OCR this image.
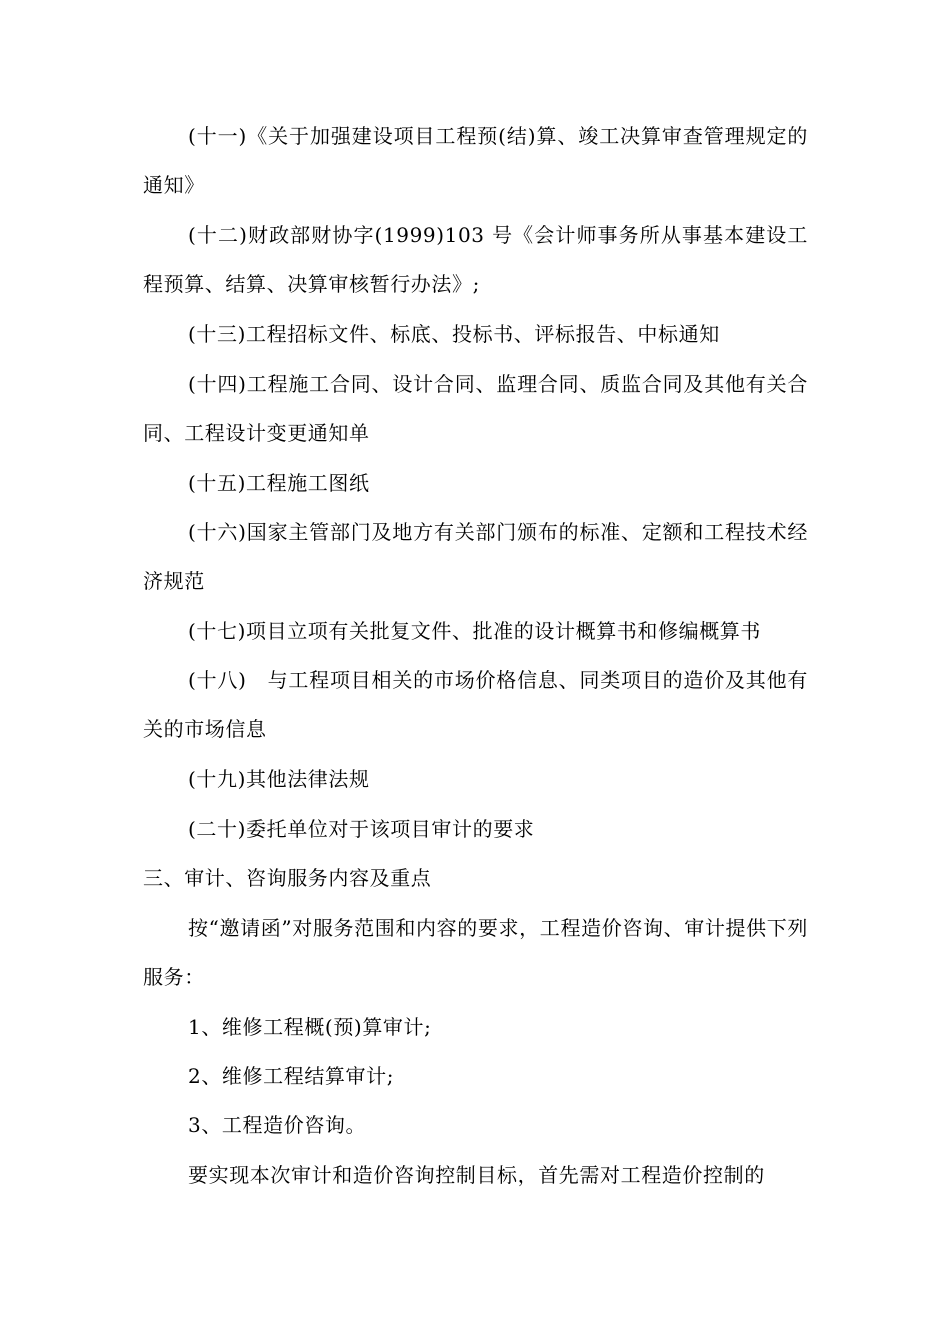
(十一)《关于加强建设项目工程预(结)算、竣工决算审查管理规定的通知》

(十二)财政部财协字(1999)103 号《会计师事务所从事基本建设工程预算、结算、决算审核暂行办法》;

(十三)工程招标文件、标底、投标书、评标报告、中标通知

(十四)工程施工合同、设计合同、监理合同、质监合同及其他有关合同、工程设计变更通知单

(十五)工程施工图纸

(十六)国家主管部门及地方有关部门颁布的标准、定额和工程技术经济规范

(十七)项目立项有关批复文件、批准的设计概算书和修编概算书

(十八)　与工程项目相关的市场价格信息、同类项目的造价及其他有关的市场信息

(十九)其他法律法规

(二十)委托单位对于该项目审计的要求

三、审计、咨询服务内容及重点

按“邀请函”对服务范围和内容的要求，工程造价咨询、审计提供下列服务：

1、维修工程概(预)算审计;

2、维修工程结算审计;

3、工程造价咨询。

要实现本次审计和造价咨询控制目标，首先需对工程造价控制的
